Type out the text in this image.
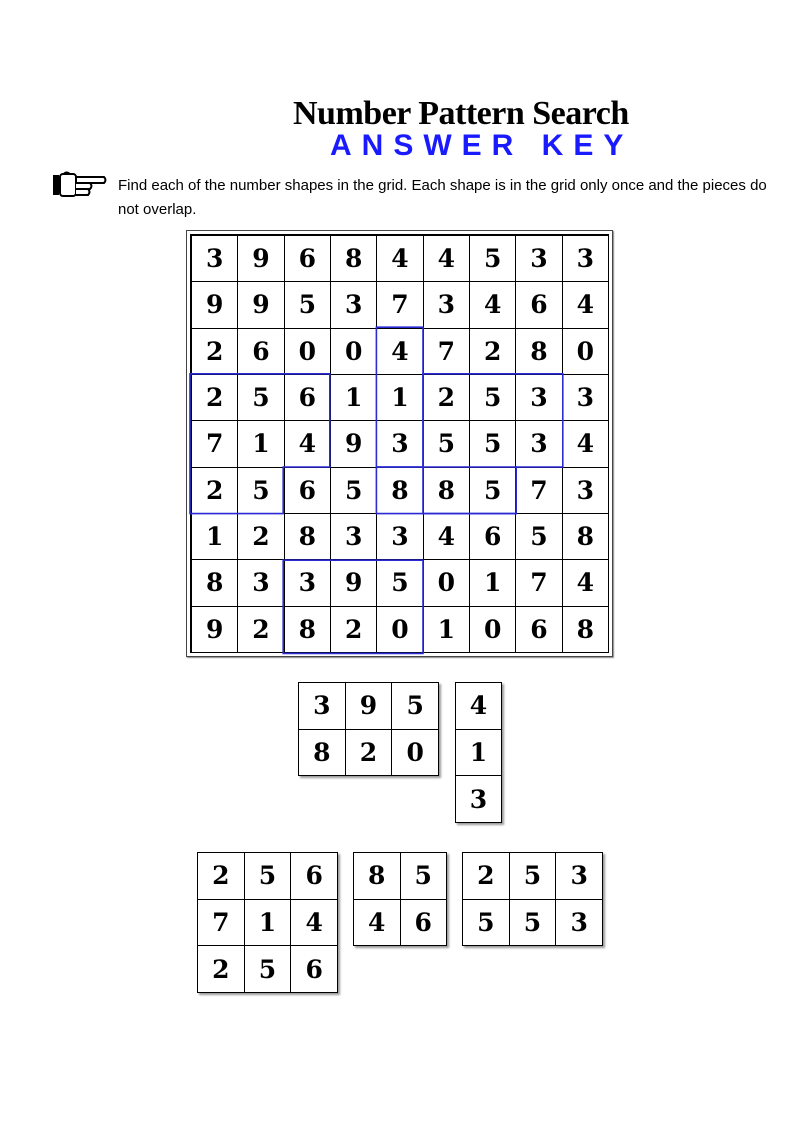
Number Pattern Search
ANSWER KEY

Find each of the number shapes in the grid. Each shape is in the grid only once and the pieces do not overlap.

3	9	6	8	4	4	5	3	3
9	9	5	3	7	3	4	6	4
2	6	0	0	4	7	2	8	0
2	5	6	1	1	2	5	3	3
7	1	4	9	3	5	5	3	4
2	5	6	5	8	8	5	7	3
1	2	8	3	3	4	6	5	8
8	3	3	9	5	0	1	7	4
9	2	8	2	0	1	0	6	8
3	9	5
8	2	0
4
1
3
2	5	6
7	1	4
2	5	6
8	5
4	6
2	5	3
5	5	3
